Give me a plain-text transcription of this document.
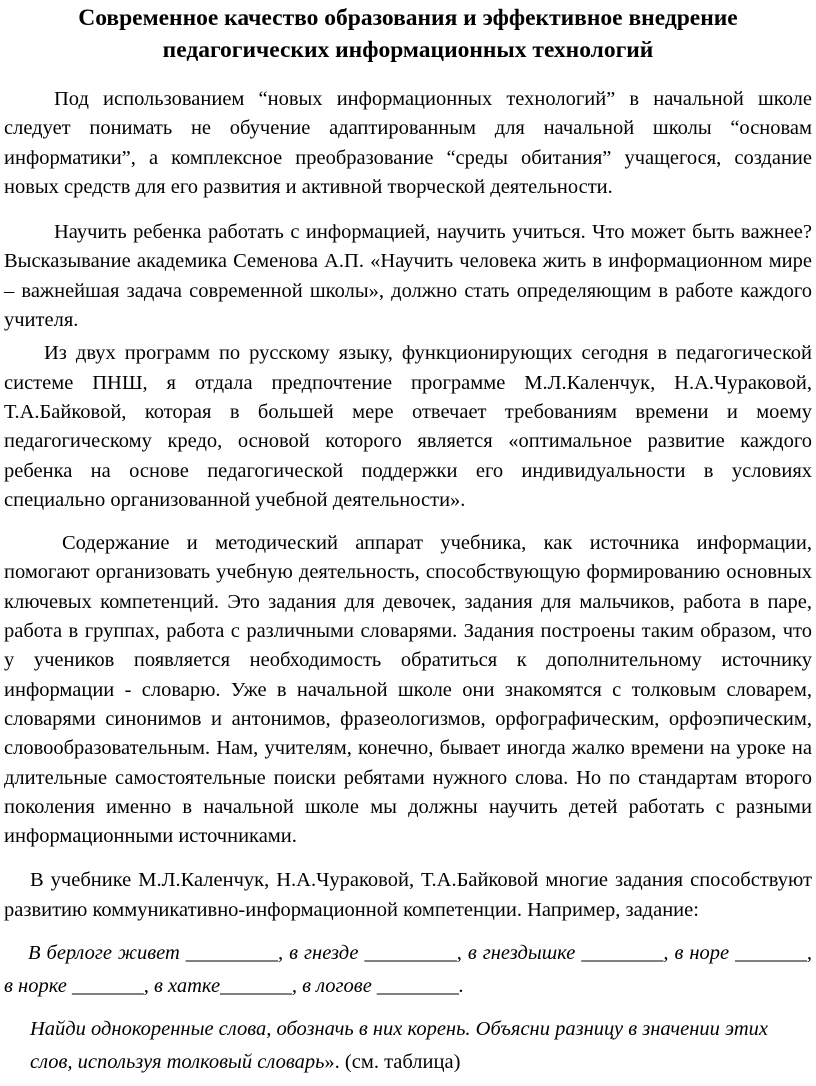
Современное качество образования и эффективное внедрение
педагогических информационных технологий

Под использованием “новых информационных технологий” в начальной школе следует понимать не обучение адаптированным для начальной школы “основам информатики”, а комплексное преобразование “среды обитания” учащегося, создание новых средств для его развития и активной творческой деятельности.

Научить ребенка работать с информацией, научить учиться. Что может быть важнее? Высказывание академика Семенова А.П. «Научить человека жить в информационном мире – важнейшая задача современной школы», должно стать определяющим в работе каждого учителя.

Из двух программ по русскому языку, функционирующих сегодня в педагогической системе ПНШ, я отдала предпочтение программе М.Л.Каленчук, Н.А.Чураковой, Т.А.Байковой, которая в большей мере отвечает требованиям времени и моему педагогическому кредо, основой которого является «оптимальное развитие каждого ребенка на основе педагогической поддержки его индивидуальности в условиях специально организованной учебной деятельности».

Содержание и методический аппарат учебника, как источника информации, помогают организовать учебную деятельность, способствующую формированию основных ключевых компетенций. Это задания для девочек, задания для мальчиков, работа в паре, работа в группах, работа с различными словарями. Задания построены таким образом, что у учеников появляется необходимость обратиться к дополнительному источнику информации - словарю. Уже в начальной школе они знакомятся с толковым словарем, словарями синонимов и антонимов, фразеологизмов, орфографическим, орфоэпическим, словообразовательным. Нам, учителям, конечно, бывает иногда жалко времени на уроке на длительные самостоятельные поиски ребятами нужного слова. Но по стандартам второго поколения именно в начальной школе мы должны научить детей работать с разными информационными источниками.

В учебнике М.Л.Каленчук, Н.А.Чураковой, Т.А.Байковой многие задания способствуют развитию коммуникативно-информационной компетенции. Например, задание:

В берлоге живет _________, в гнезде _________, в гнездышке ________, в норе _______, в норке _______, в хатке_______, в логове ________.

Найди однокоренные слова, обозначь в них корень. Объясни разницу в значении этих слов, используя толковый словарь». (см. таблица)
